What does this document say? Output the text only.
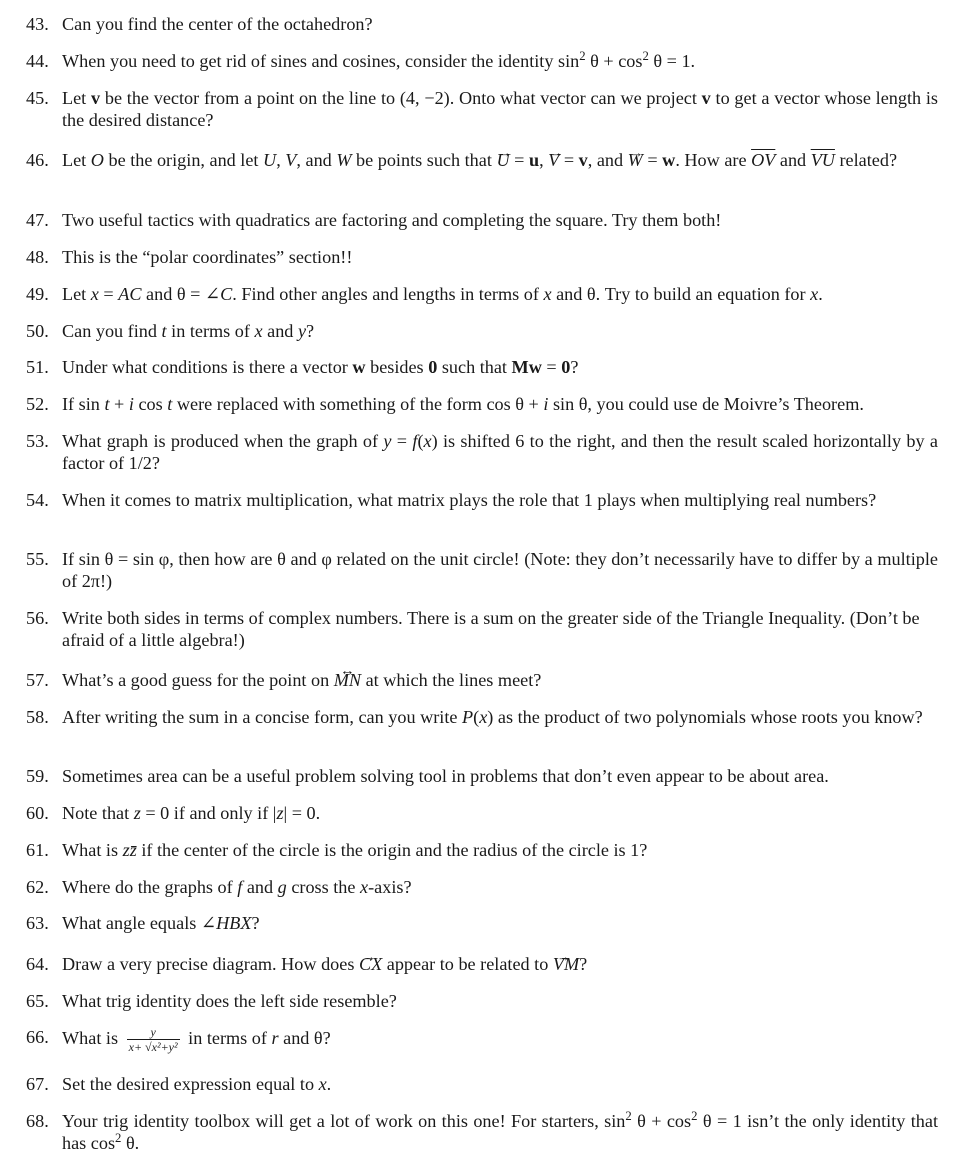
43. Can you find the center of the octahedron?
44. When you need to get rid of sines and cosines, consider the identity $\sin^2 \theta + \cos^2 \theta = 1$.
45. Let v be the vector from a point on the line to (4, −2). Onto what vector can we project v to get a vector whose length is the desired distance?
46. Let O be the origin, and let U, V, and W be points such that → U = u, → V = v, and → W = w. How are $\overline{OV}$ and $\overline{VU}$ related?
47. Two useful tactics with quadratics are factoring and completing the square. Try them both!
48. This is the “polar coordinates” section!!
49. Let x = AC and θ = ∠C. Find other angles and lengths in terms of x and θ. Try to build an equation for x.
50. Can you find t in terms of x and y?
51. Under what conditions is there a vector w besides 0 such that Mw = 0?
52. If sin t + i cos t were replaced with something of the form cos θ + i sin θ, you could use de Moivre’s Theorem.
53. What graph is produced when the graph of y = f(x) is shifted 6 to the right, and then the result scaled horizontally by a factor of 1/2?
54. When it comes to matrix multiplication, what matrix plays the role that 1 plays when multiplying real numbers?
55. If sin θ = sin φ, then how are θ and φ related on the unit circle! (Note: they don’t necessarily have to differ by a multiple of 2π!)
56. Write both sides in terms of complex numbers. There is a sum on the greater side of the Triangle Inequality. (Don’t be afraid of a little algebra!)
57. What’s a good guess for the point on ↔ MN at which the lines meet?
58. After writing the sum in a concise form, can you write P(x) as the product of two polynomials whose roots you know?
59. Sometimes area can be a useful problem solving tool in problems that don’t even appear to be about area.
60. Note that z = 0 if and only if |z| = 0.
61. What is zz̄ if the center of the circle is the origin and the radius of the circle is 1?
62. Where do the graphs of f and g cross the x-axis?
63. What angle equals ∠HBX?
64. Draw a very precise diagram. How does → CX appear to be related to → VM?
65. What trig identity does the left side resemble?
66. What is $\frac{y}{\text{x+ √x²+y²}}$ in terms of r and θ?
67. Set the desired expression equal to x.
68. Your trig identity toolbox will get a lot of work on this one! For starters, $\sin^2 \theta + \cos^2 \theta = 1$ isn’t the only identity that has $\cos^2 \theta$.
